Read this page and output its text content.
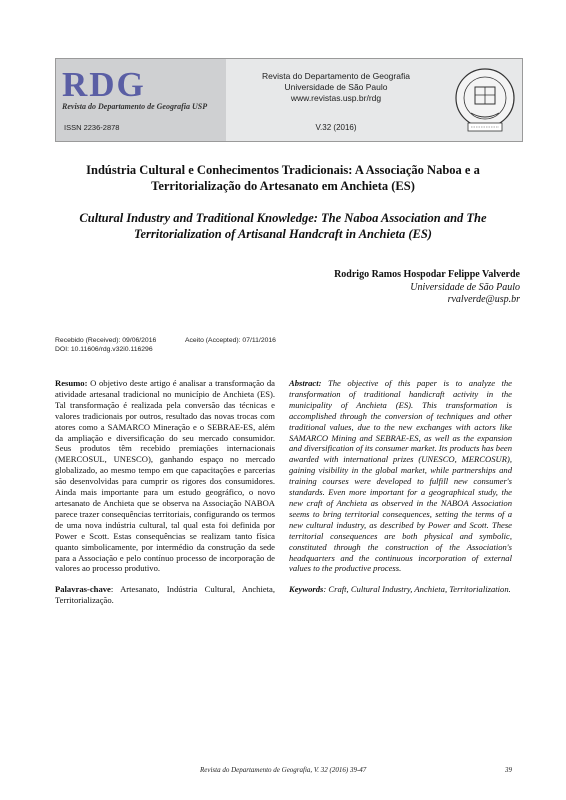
RDG
Revista do Departamento de Geografia USP
ISSN 2236-2878
Revista do Departamento de Geografia
Universidade de São Paulo
www.revistas.usp.br/rdg
V.32 (2016)
Indústria Cultural e Conhecimentos Tradicionais: A Associação Naboa e a Territorialização do Artesanato em Anchieta (ES)
Cultural Industry and Traditional Knowledge: The Naboa Association and The Territorialization of Artisanal Handcraft in Anchieta (ES)
Rodrigo Ramos Hospodar Felippe Valverde
Universidade de São Paulo
rvalverde@usp.br
Recebido (Received): 09/06/2016	Aceito (Accepted): 07/11/2016
DOI: 10.11606/rdg.v32i0.116296

Resumo: O objetivo deste artigo é analisar a transformação da atividade artesanal tradicional no município de Anchieta (ES). Tal transformação é realizada pela conversão das técnicas e valores tradicionais por outros, resultado das novas trocas com atores como a SAMARCO Mineração e o SEBRAE-ES, além da ampliação e diversificação do seu mercado consumidor. Seus produtos têm recebido premiações internacionais (MERCOSUL, UNESCO), ganhando espaço no mercado globalizado, ao mesmo tempo em que capacitações e parcerias são desenvolvidas para cumprir os rigores dos consumidores. Ainda mais importante para um estudo geográfico, o novo artesanato de Anchieta que se observa na Associação NABOA parece trazer consequências territoriais, configurando os termos de uma nova indústria cultural, tal qual esta foi definida por Power e Scott. Estas consequências se realizam tanto física quanto simbolicamente, por intermédio da construção da sede para a Associação e pelo contínuo processo de incorporação de valores ao processo produtivo.

Palavras-chave: Artesanato, Indústria Cultural, Anchieta, Territorialização.

Abstract: The objective of this paper is to analyze the transformation of traditional handicraft activity in the municipality of Anchieta (ES). This transformation is accomplished through the conversion of techniques and other traditional values, due to the new exchanges with actors like SAMARCO Mining and SEBRAE-ES, as well as the expansion and diversification of its consumer market. Its products has been awarded with international prizes (UNESCO, MERCOSUR), gaining visibility in the global market, while partnerships and training courses were developed to fulfill new consumer's standards. Even more important for a geographical study, the new craft of Anchieta as observed in the NABOA Association seems to bring territorial consequences, setting the terms of a new cultural industry, as described by Power and Scott. These territorial consequences are both physical and symbolic, constituted through the construction of the Association's headquarters and the continuous incorporation of external values to the productive process.

Keywords: Craft, Cultural Industry, Anchieta, Territorialization.

Revista do Departamento de Geografia, V. 32 (2016) 39-47	39
